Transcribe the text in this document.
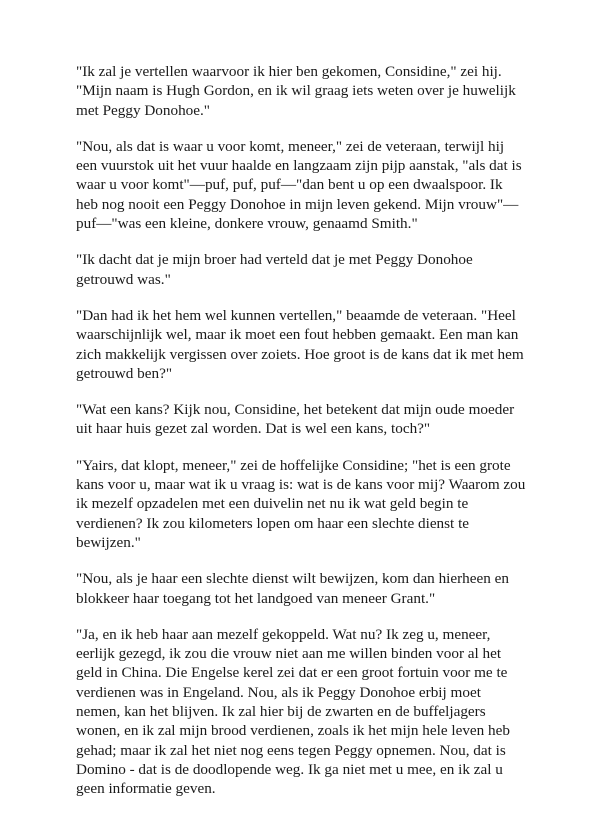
"Ik zal je vertellen waarvoor ik hier ben gekomen, Considine," zei hij. "Mijn naam is Hugh Gordon, en ik wil graag iets weten over je huwelijk met Peggy Donohoe."

"Nou, als dat is waar u voor komt, meneer," zei de veteraan, terwijl hij een vuurstok uit het vuur haalde en langzaam zijn pijp aanstak, "als dat is waar u voor komt"—puf, puf, puf—"dan bent u op een dwaalspoor. Ik heb nog nooit een Peggy Donohoe in mijn leven gekend. Mijn vrouw"—puf—"was een kleine, donkere vrouw, genaamd Smith."

"Ik dacht dat je mijn broer had verteld dat je met Peggy Donohoe getrouwd was."

"Dan had ik het hem wel kunnen vertellen," beaamde de veteraan. "Heel waarschijnlijk wel, maar ik moet een fout hebben gemaakt. Een man kan zich makkelijk vergissen over zoiets. Hoe groot is de kans dat ik met hem getrouwd ben?"

"Wat een kans? Kijk nou, Considine, het betekent dat mijn oude moeder uit haar huis gezet zal worden. Dat is wel een kans, toch?"

"Yairs, dat klopt, meneer," zei de hoffelijke Considine; "het is een grote kans voor u, maar wat ik u vraag is: wat is de kans voor mij? Waarom zou ik mezelf opzadelen met een duivelin net nu ik wat geld begin te verdienen? Ik zou kilometers lopen om haar een slechte dienst te bewijzen."

"Nou, als je haar een slechte dienst wilt bewijzen, kom dan hierheen en blokkeer haar toegang tot het landgoed van meneer Grant."

"Ja, en ik heb haar aan mezelf gekoppeld. Wat nu? Ik zeg u, meneer, eerlijk gezegd, ik zou die vrouw niet aan me willen binden voor al het geld in China. Die Engelse kerel zei dat er een groot fortuin voor me te verdienen was in Engeland. Nou, als ik Peggy Donohoe erbij moet nemen, kan het blijven. Ik zal hier bij de zwarten en de buffeljagers wonen, en ik zal mijn brood verdienen, zoals ik het mijn hele leven heb gehad; maar ik zal het niet nog eens tegen Peggy opnemen. Nou, dat is Domino - dat is de doodlopende weg. Ik ga niet met u mee, en ik zal u geen informatie geven.
